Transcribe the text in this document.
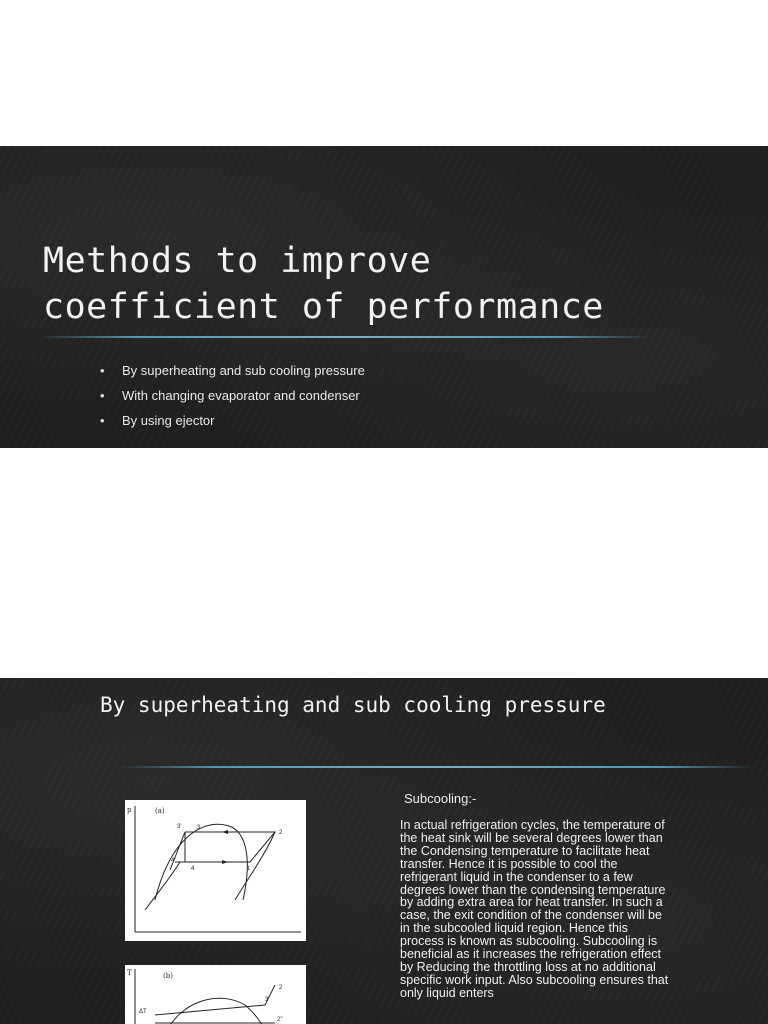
Methods to improve
coefficient of performance
• By superheating and sub cooling pressure
• With changing evaporator and condenser
• By using ejector
By superheating and sub cooling pressure
p	(a)
3'	3
2
4'
4	1
T	(b)
2
3
ΔT
2''
Subcooling:-

In actual refrigeration cycles, the temperature of the heat sink will be several degrees lower than the Condensing temperature to facilitate heat transfer. Hence it is possible to cool the refrigerant liquid in the condenser to a few degrees lower than the condensing temperature by adding extra area for heat transfer. In such a case, the exit condition of the condenser will be in the subcooled liquid region. Hence this process is known as subcooling. Subcooling is beneficial as it increases the refrigeration effect by Reducing the throttling loss at no additional specific work input. Also subcooling ensures that only liquid enters
